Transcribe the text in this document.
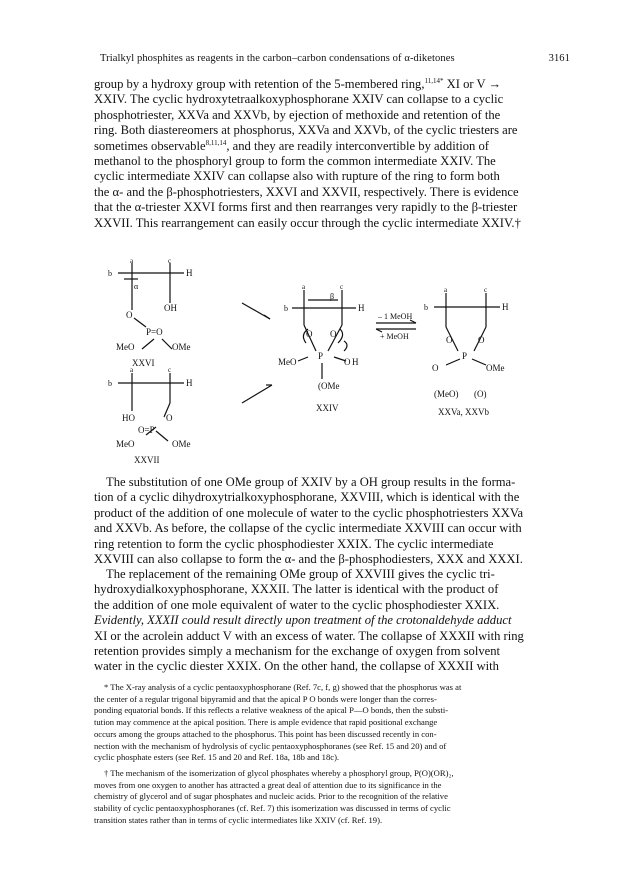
Trialkyl phosphites as reagents in the carbon–carbon condensations of α-diketones	3161

group by a hydroxy group with retention of the 5-membered ring,$^{11,14*}$ XI or V →

XXIV. The cyclic hydroxytetraalkoxyphosphorane XXIV can collapse to a cyclic

phosphotriester, XXVa and XXVb, by ejection of methoxide and retention of the

ring. Both diastereomers at phosphorus, XXVa and XXVb, of the cyclic triesters are

sometimes observable$^{8,11,14}$, and they are readily interconvertible by addition of

methanol to the phosphoryl group to form the common intermediate XXIV. The

cyclic intermediate XXIV can collapse also with rupture of the ring to form both

the α- and the β-phosphotriesters, XXVI and XXVII, respectively. There is evidence

that the α-triester XXVI forms first and then rearranges very rapidly to the β-triester

XXVII. This rearrangement can easily occur through the cyclic intermediate XXIV.†

a	c
b	H
α
O
OH
P=O
MeO	OMe
XXVI
a	c
b	H
HO	O
O=P
MeO	OMe
XXVII
a	c
b	H
β
O O
P
MeO	O H
(OMe
XXIV
– 1 MeOH
+ MeOH
a	c
b	H
O	O
P
O	OMe
(MeO) (O)
XXVa, XXVb

The substitution of one OMe group of XXIV by a OH group results in the forma-

tion of a cyclic dihydroxytrialkoxyphosphorane, XXVIII, which is identical with the

product of the addition of one molecule of water to the cyclic phosphotriesters XXVa

and XXVb. As before, the collapse of the cyclic intermediate XXVIII can occur with

ring retention to form the cyclic phosphodiester XXIX. The cyclic intermediate

XXVIII can also collapse to form the α- and the β-phosphodiesters, XXX and XXXI.

The replacement of the remaining OMe group of XXVIII gives the cyclic tri-

hydroxydialkoxyphosphorane, XXXII. The latter is identical with the product of

the addition of one mole equivalent of water to the cyclic phosphodiester XXIX.

Evidently, XXXII could result directly upon treatment of the crotonaldehyde adduct

XI or the acrolein adduct V with an excess of water. The collapse of XXXII with ring

retention provides simply a mechanism for the exchange of oxygen from solvent

water in the cyclic diester XXIX. On the other hand, the collapse of XXXII with

* The X-ray analysis of a cyclic pentaoxyphosphorane (Ref. 7c, f, g) showed that the phosphorus was at

the center of a regular trigonal bipyramid and that the apical P O bonds were longer than the corres-

ponding equatorial bonds. If this reflects a relative weakness of the apical P—O bonds, then the substi-

tution may commence at the apical position. There is ample evidence that rapid positional exchange

occurs among the groups attached to the phosphorus. This point has been discussed recently in con-

nection with the mechanism of hydrolysis of cyclic pentaoxyphosphoranes (see Ref. 15 and 20) and of

cyclic phosphate esters (see Ref. 15 and 20 and Ref. 18a, 18b and 18c).

† The mechanism of the isomerization of glycol phosphates whereby a phosphoryl group, P(O)(OR)₂,

moves from one oxygen to another has attracted a great deal of attention due to its significance in the

chemistry of glycerol and of sugar phosphates and nucleic acids. Prior to the recognition of the relative

stability of cyclic pentaoxyphosphoranes (cf. Ref. 7) this isomerization was discussed in terms of cyclic

transition states rather than in terms of cyclic intermediates like XXIV (cf. Ref. 19).
